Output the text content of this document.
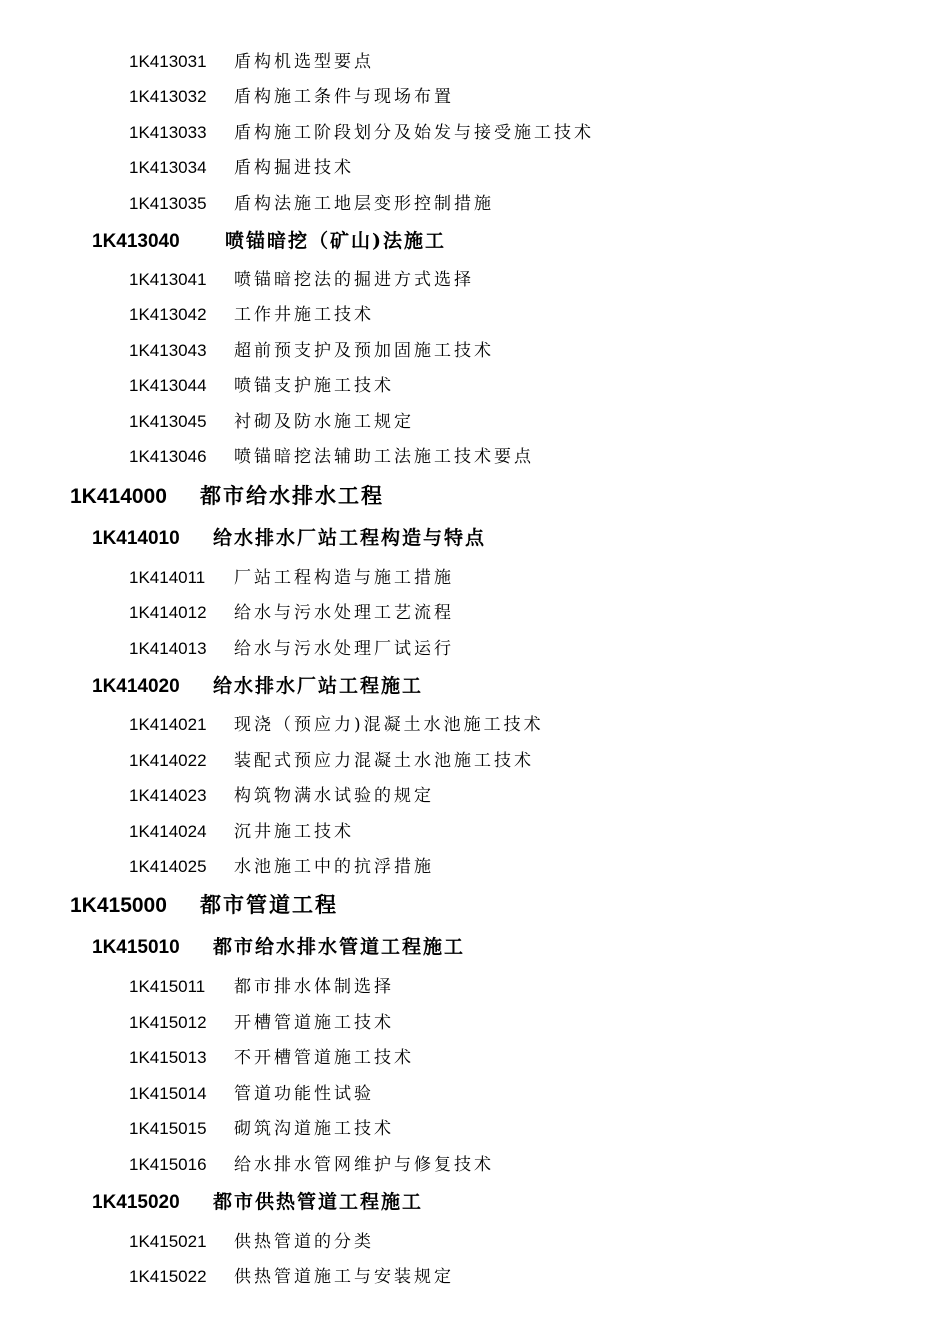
1K413031	盾构机选型要点
1K413032	盾构施工条件与现场布置
1K413033	盾构施工阶段划分及始发与接受施工技术
1K413034	盾构掘进技术
1K413035	盾构法施工地层变形控制措施
1K413040	喷锚暗挖（矿山)法施工
1K413041	喷锚暗挖法的掘进方式选择
1K413042	工作井施工技术
1K413043	超前预支护及预加固施工技术
1K413044	喷锚支护施工技术
1K413045	衬砌及防水施工规定
1K413046	喷锚暗挖法辅助工法施工技术要点
1K414000	都市给水排水工程
1K414010	给水排水厂站工程构造与特点
1K414011	厂站工程构造与施工措施
1K414012	给水与污水处理工艺流程
1K414013	给水与污水处理厂试运行
1K414020	给水排水厂站工程施工
1K414021	现浇（预应力)混凝土水池施工技术
1K414022	装配式预应力混凝土水池施工技术
1K414023	构筑物满水试验的规定
1K414024	沉井施工技术
1K414025	水池施工中的抗浮措施
1K415000	都市管道工程
1K415010	都市给水排水管道工程施工
1K415011	都市排水体制选择
1K415012	开槽管道施工技术
1K415013	不开槽管道施工技术
1K415014	管道功能性试验
1K415015	砌筑沟道施工技术
1K415016	给水排水管网维护与修复技术
1K415020	都市供热管道工程施工
1K415021	供热管道的分类
1K415022	供热管道施工与安装规定
